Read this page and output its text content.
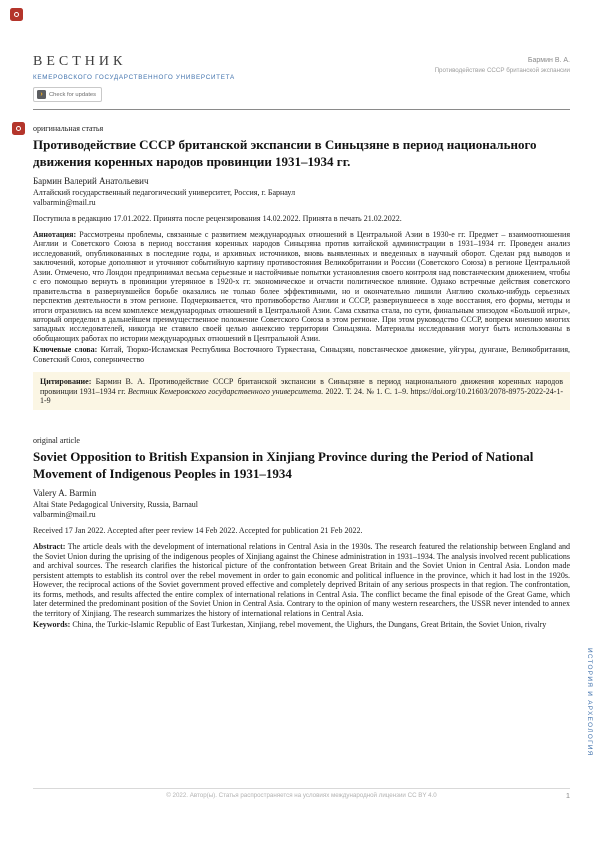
ВЕСТНИК
КЕМЕРОВСКОГО ГОСУДАРСТВЕННОГО УНИВЕРСИТЕТА
Бармин В. А.
Противодействие СССР британской экспансии
› Check for updates
оригинальная статья
Противодействие СССР британской экспансии в Синьцзяне в период национального движения коренных народов провинции 1931–1934 гг.
Бармин Валерий Анатольевич
Алтайский государственный педагогический университет, Россия, г. Барнаул
valbarmin@mail.ru
Поступила в редакцию 17.01.2022. Принята после рецензирования 14.02.2022. Принята в печать 21.02.2022.

Аннотация: Рассмотрены проблемы, связанные с развитием международных отношений в Центральной Азии в 1930-е гг. Предмет – взаимоотношения Англии и Советского Союза в период восстания коренных народов Синьцзяна против китайской администрации в 1931–1934 гг. Проведен анализ исследований, опубликованных в последние годы, и архивных источников, вновь выявленных и введенных в научный оборот. Сделан ряд выводов и заключений, которые дополняют и уточняют событийную картину противостояния Великобритании и России (Советского Союза) в регионе Центральной Азии. Отмечено, что Лондон предпринимал весьма серьезные и настойчивые попытки установления своего контроля над повстанческим движением, чтобы с его помощью вернуть в провинции утерянное в 1920-х гг. экономическое и отчасти политическое влияние. Однако встречные действия советского правительства в развернувшейся борьбе оказались не только более эффективными, но и окончательно лишили Англию сколько-нибудь серьезных перспектив деятельности в этом регионе. Подчеркивается, что противоборство Англии и СССР, развернувшееся в ходе восстания, его формы, методы и итоги отразились на всем комплексе международных отношений в Центральной Азии. Сама схватка стала, по сути, финальным эпизодом «Большой игры», который определил в дальнейшем преимущественное положение Советского Союза в этом регионе. При этом руководство СССР, вопреки мнению многих западных исследователей, никогда не ставило своей целью аннексию территории Синьцзяна. Материалы исследования могут быть использованы в обобщающих работах по истории международных отношений в Центральной Азии.

Ключевые слова: Китай, Тюрко-Исламская Республика Восточного Туркестана, Синьцзян, повстанческое движение, уйгуры, дунгане, Великобритания, Советский Союз, соперничество

Цитирование: Бармин В. А. Противодействие СССР британской экспансии в Синьцзяне в период национального движения коренных народов провинции 1931–1934 гг. Вестник Кемеровского государственного университета. 2022. Т. 24. № 1. С. 1–9. https://doi.org/10.21603/2078-8975-2022-24-1-1-9
original article
Soviet Opposition to British Expansion in Xinjiang Province during the Period of National Movement of Indigenous Peoples in 1931–1934
Valery A. Barmin
Altai State Pedagogical University, Russia, Barnaul
valbarmin@mail.ru
Received 17 Jan 2022. Accepted after peer review 14 Feb 2022. Accepted for publication 21 Feb 2022.

Abstract: The article deals with the development of international relations in Central Asia in the 1930s. The research featured the relationship between England and the Soviet Union during the uprising of the indigenous peoples of Xinjiang against the Chinese administration in 1931–1934. The analysis involved recent publications and archival sources. The research clarifies the historical picture of the confrontation between Great Britain and the Soviet Union in Central Asia. London made persistent attempts to establish its control over the rebel movement in order to gain economic and political influence in the province, which it had lost in the 1920s. However, the reciprocal actions of the Soviet government proved effective and completely deprived Britain of any serious prospects in that region. The confrontation, its forms, methods, and results affected the entire complex of international relations in Central Asia. The conflict became the final episode of the Great Game, which later determined the predominant position of the Soviet Union in Central Asia. Contrary to the opinion of many western researchers, the USSR never intended to annex the territory of Xinjiang. The research summarizes the history of international relations in Central Asia.

Keywords: China, the Turkic-Islamic Republic of East Turkestan, Xinjiang, rebel movement, the Uighurs, the Dungans, Great Britain, the Soviet Union, rivalry

ИСТОРИЯ И АРХЕОЛОГИЯ
© 2022. Автор(ы). Статья распространяется на условиях международной лицензии CC BY 4.0	1
